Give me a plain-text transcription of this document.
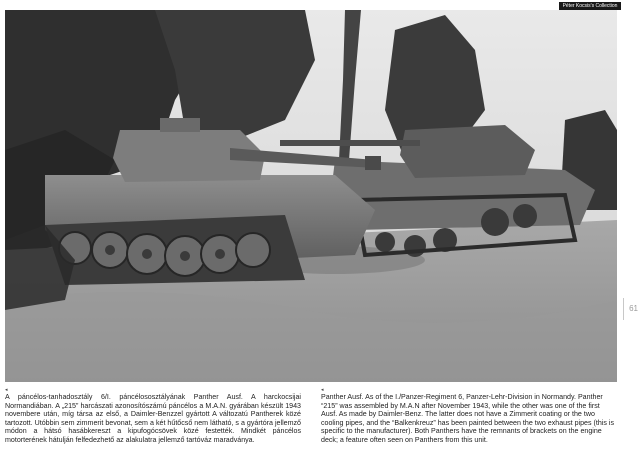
Péter Kocsis's Collection
61
◂
A páncélos-tanhadosztály 6/I. páncélososztályának Panther Ausf. A harckocsijai Normandiában. A „215” harcászati azonosítószámú páncélos a M.A.N. gyárában készült 1943 novembere után, míg társa az első, a Daimler-Benzzel gyártott A változatú Pantherek közé tartozott. Utóbbin sem zimmerit bevonat, sem a két hűtőcső nem látható, s a gyártóra jellemző módon a hátsó hasábkereszt a kipufogócsövek közé festették. Mindkét páncélos motorterének hátulján felfedezhető az alakulatra jellemző tartóváz maradványa.
◂
Panther Ausf. As of the I./Panzer-Regiment 6, Panzer-Lehr-Division in Normandy. Panther “215” was assembled by M.A.N after November 1943, while the other was one of the first Ausf. As made by Daimler-Benz. The latter does not have a Zimmerit coating or the two cooling pipes, and the “Balkenkreuz” has been painted between the two exhaust pipes (this is specific to the manufacturer). Both Panthers have the remnants of brackets on the engine deck; a feature often seen on Panthers from this unit.
